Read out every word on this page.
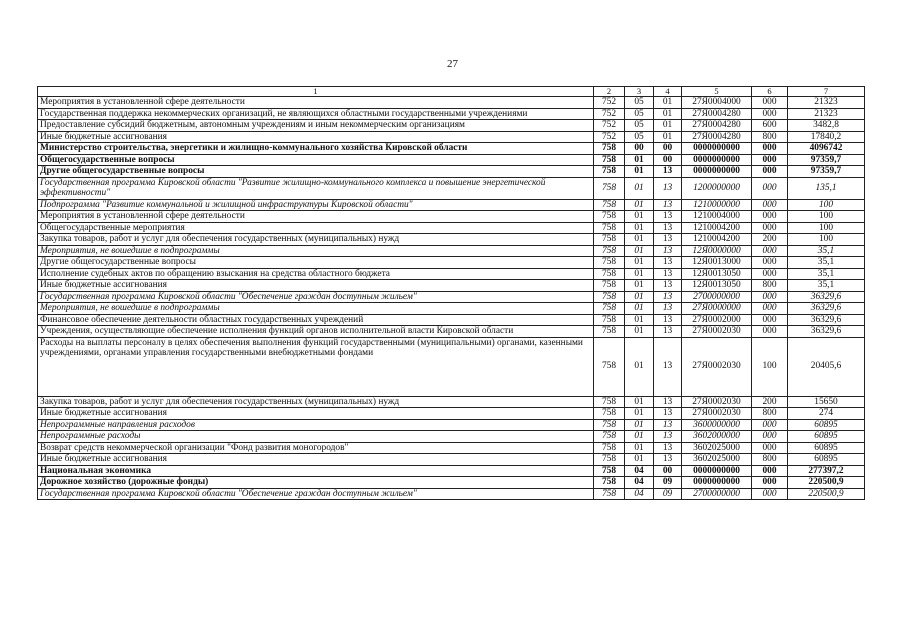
27
1	2	3	4	5	6	7
Мероприятия в установленной сфере деятельности	752	05	01	27Я0004000	000	21323
Государственная поддержка некоммерческих организаций, не являющихся областными государственными учреждениями	752	05	01	27Я0004280	000	21323
Предоставление субсидий бюджетным, автономным учреждениям и иным некоммерческим организациям	752	05	01	27Я0004280	600	3482,8
Иные бюджетные ассигнования	752	05	01	27Я0004280	800	17840,2
Министерство строительства, энергетики и жилищно-коммунального хозяйства Кировской области	758	00	00	0000000000	000	4096742
Общегосударственные вопросы	758	01	00	0000000000	000	97359,7
Другие общегосударственные вопросы	758	01	13	0000000000	000	97359,7
Государственная программа Кировской области "Развитие жилищно-коммунального комплекса и повышение энергетической эффективности"	758	01	13	1200000000	000	135,1
Подпрограмма "Развитие коммунальной и жилищной инфраструктуры Кировской области"	758	01	13	1210000000	000	100
Мероприятия в установленной сфере деятельности	758	01	13	1210004000	000	100
Общегосударственные мероприятия	758	01	13	1210004200	000	100
Закупка товаров, работ и услуг для обеспечения государственных (муниципальных) нужд	758	01	13	1210004200	200	100
Мероприятия, не вошедшие в подпрограммы	758	01	13	12Я0000000	000	35,1
Другие общегосударственные вопросы	758	01	13	12Я0013000	000	35,1
Исполнение судебных актов по обращению взыскания на средства областного бюджета	758	01	13	12Я0013050	000	35,1
Иные бюджетные ассигнования	758	01	13	12Я0013050	800	35,1
Государственная программа Кировской области "Обеспечение граждан доступным жильем"	758	01	13	2700000000	000	36329,6
Мероприятия, не вошедшие в подпрограммы	758	01	13	27Я0000000	000	36329,6
Финансовое обеспечение деятельности областных государственных учреждений	758	01	13	27Я0002000	000	36329,6
Учреждения, осуществляющие обеспечение исполнения функций органов исполнительной власти Кировской области	758	01	13	27Я0002030	000	36329,6
Расходы на выплаты персоналу в целях обеспечения выполнения функций государственными (муниципальными) органами, казенными учреждениями, органами управления государственными внебюджетными фондами	758	01	13	27Я0002030	100	20405,6
Закупка товаров, работ и услуг для обеспечения государственных (муниципальных) нужд	758	01	13	27Я0002030	200	15650
Иные бюджетные ассигнования	758	01	13	27Я0002030	800	274
Непрограммные направления расходов	758	01	13	3600000000	000	60895
Непрограммные расходы	758	01	13	3602000000	000	60895
Возврат средств некоммерческой организации "Фонд развития моногородов"	758	01	13	3602025000	000	60895
Иные бюджетные ассигнования	758	01	13	3602025000	800	60895
Национальная экономика	758	04	00	0000000000	000	277397,2
Дорожное хозяйство (дорожные фонды)	758	04	09	0000000000	000	220500,9
Государственная программа Кировской области "Обеспечение граждан доступным жильем"	758	04	09	2700000000	000	220500,9
